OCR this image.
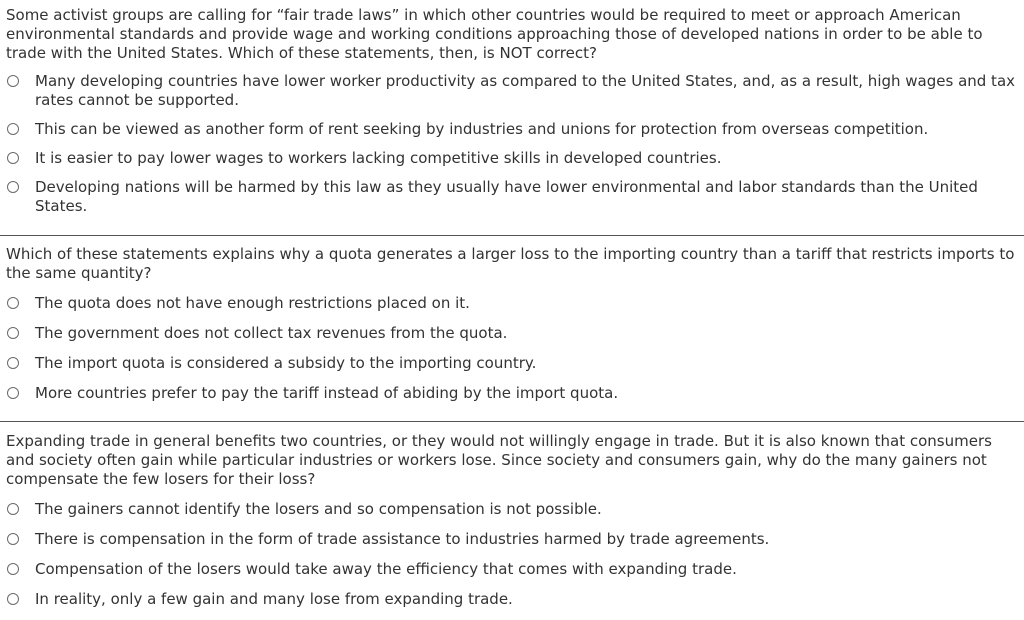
Some activist groups are calling for “fair trade laws” in which other countries would be required to meet or approach American environmental standards and provide wage and working conditions approaching those of developed nations in order to be able to trade with the United States. Which of these statements, then, is NOT correct?

Many developing countries have lower worker productivity as compared to the United States, and, as a result, high wages and tax rates cannot be supported.
This can be viewed as another form of rent seeking by industries and unions for protection from overseas competition.
It is easier to pay lower wages to workers lacking competitive skills in developed countries.
Developing nations will be harmed by this law as they usually have lower environmental and labor standards than the United States.

Which of these statements explains why a quota generates a larger loss to the importing country than a tariff that restricts imports to the same quantity?

The quota does not have enough restrictions placed on it.
The government does not collect tax revenues from the quota.
The import quota is considered a subsidy to the importing country.
More countries prefer to pay the tariff instead of abiding by the import quota.

Expanding trade in general benefits two countries, or they would not willingly engage in trade. But it is also known that consumers and society often gain while particular industries or workers lose. Since society and consumers gain, why do the many gainers not compensate the few losers for their loss?

The gainers cannot identify the losers and so compensation is not possible.
There is compensation in the form of trade assistance to industries harmed by trade agreements.
Compensation of the losers would take away the efficiency that comes with expanding trade.
In reality, only a few gain and many lose from expanding trade.
